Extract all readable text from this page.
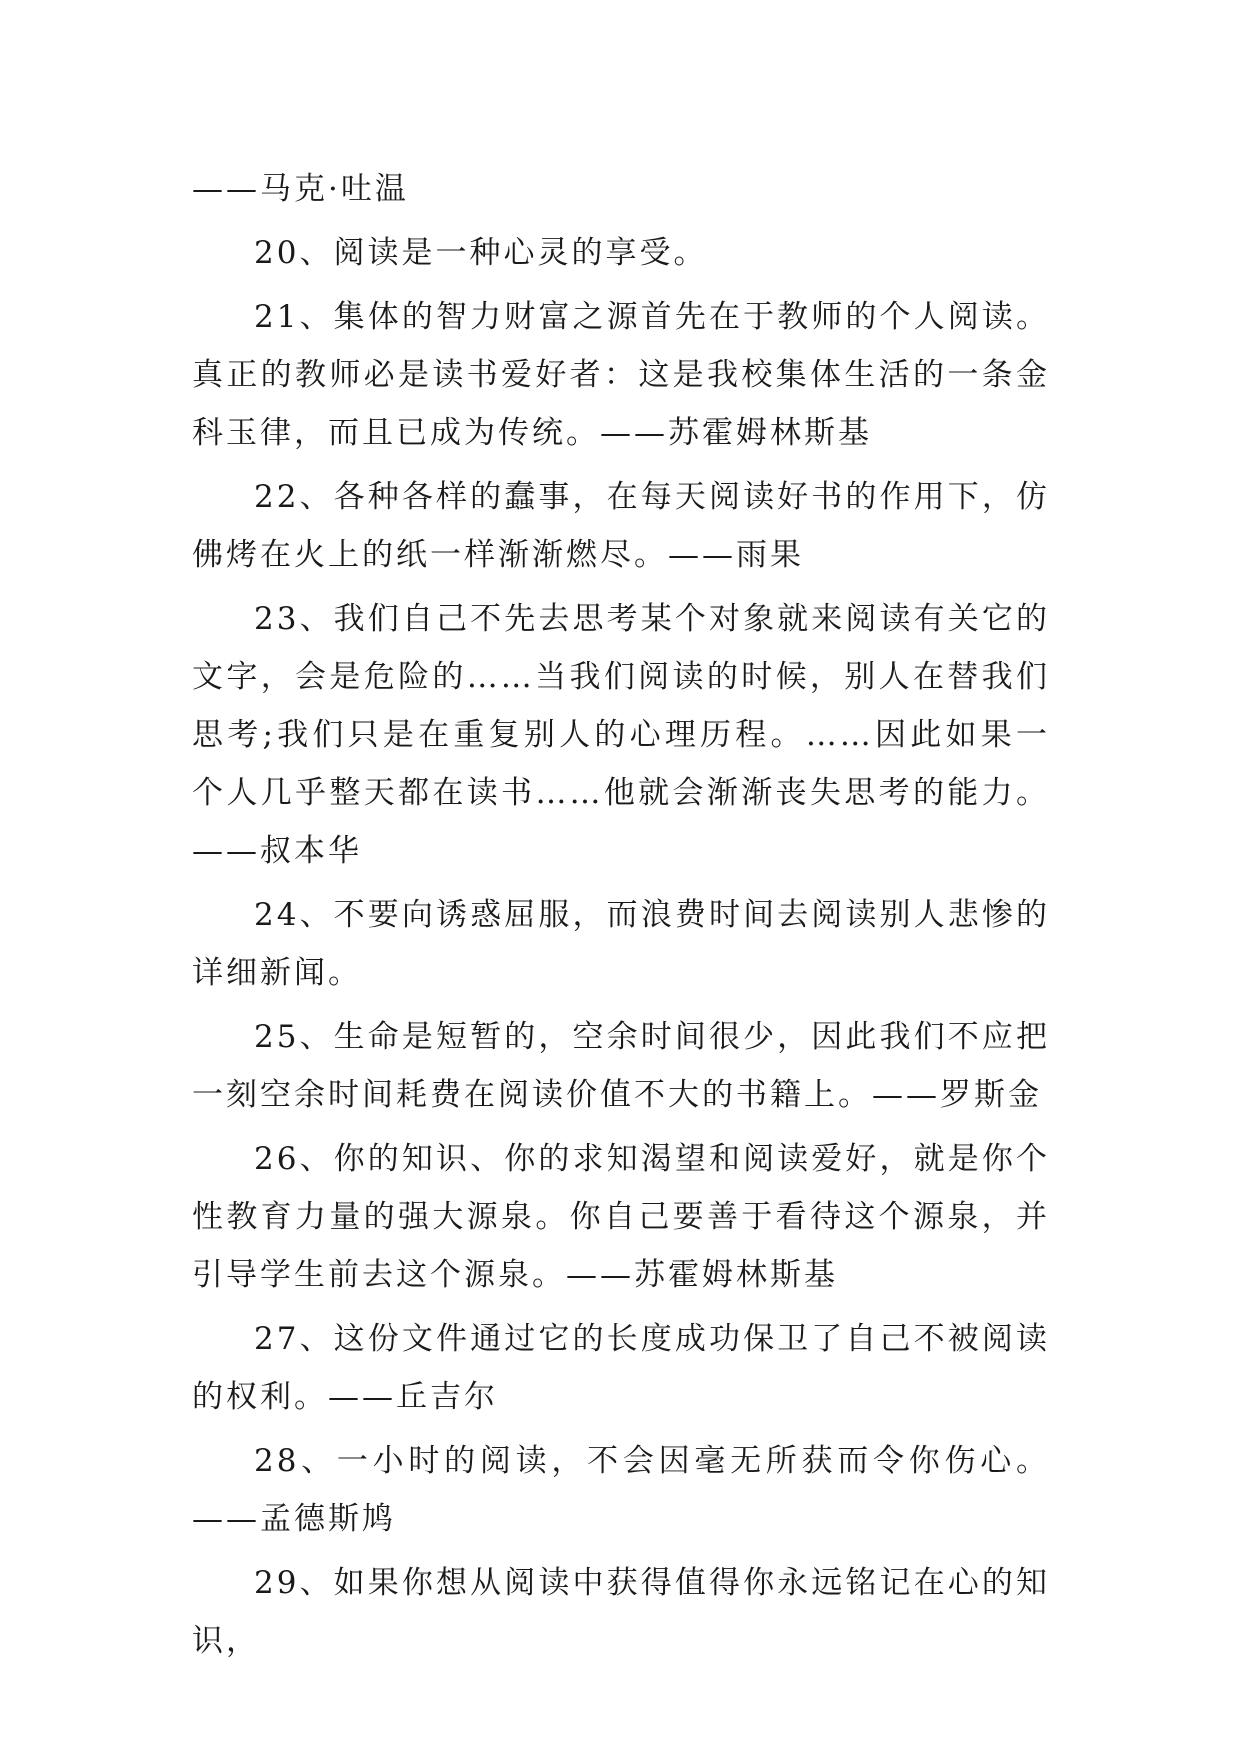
——马克·吐温

20、阅读是一种心灵的享受。

21、集体的智力财富之源首先在于教师的个人阅读。真正的教师必是读书爱好者：这是我校集体生活的一条金科玉律，而且已成为传统。——苏霍姆林斯基

22、各种各样的蠢事，在每天阅读好书的作用下，仿佛烤在火上的纸一样渐渐燃尽。——雨果

23、我们自己不先去思考某个对象就来阅读有关它的文字，会是危险的……当我们阅读的时候，别人在替我们思考;我们只是在重复别人的心理历程。……因此如果一个人几乎整天都在读书……他就会渐渐丧失思考的能力。——叔本华

24、不要向诱惑屈服，而浪费时间去阅读别人悲惨的详细新闻。

25、生命是短暂的，空余时间很少，因此我们不应把一刻空余时间耗费在阅读价值不大的书籍上。——罗斯金

26、你的知识、你的求知渴望和阅读爱好，就是你个性教育力量的强大源泉。你自己要善于看待这个源泉，并引导学生前去这个源泉。——苏霍姆林斯基

27、这份文件通过它的长度成功保卫了自己不被阅读的权利。——丘吉尔

28、一小时的阅读，不会因毫无所获而令你伤心。——孟德斯鸠

29、如果你想从阅读中获得值得你永远铭记在心的知识，
